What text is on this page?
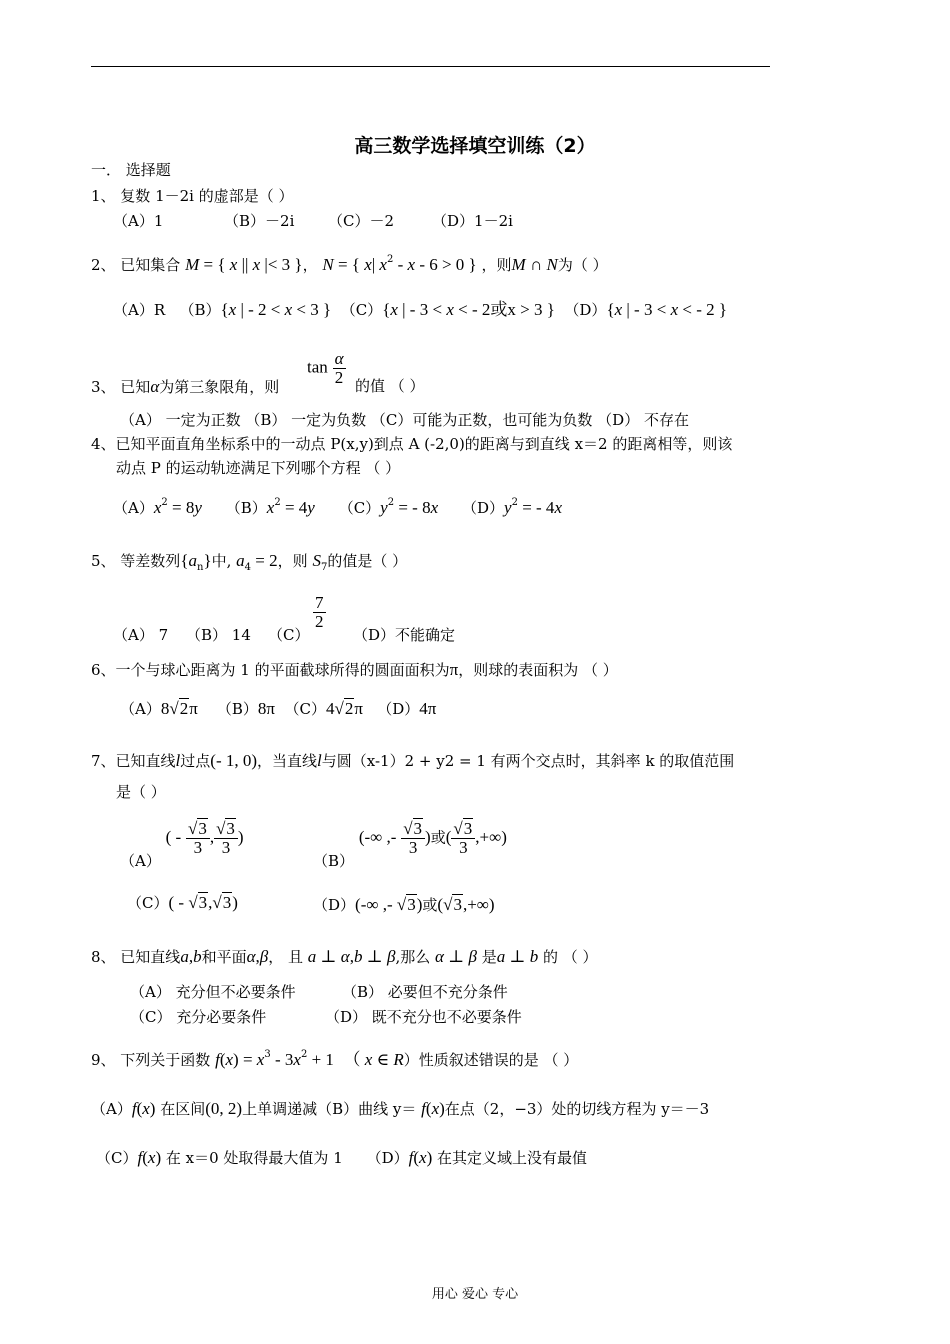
高三数学选择填空训练（2）
一． 选择题
1、 复数 1－2i 的虚部是（ ）
（A）1	（B）－2i （C）－2	（D）1－2i
2、 已知集合 M = { x || x |< 3 }， N = { x| $x^2 - x - 6 > 0$ } ，则M ∩ N为（ ）
（A）R （B）{x | - 2 < x < 3 } （C）{x | - 3 < x < - 2或x > 3 } （D）{x | - 3 < x < - 2 }
$\tan \frac{\alpha}{2}$
3、 已知α为第三象限角，则	的值 （ ）
（A） 一定为正数 （B） 一定为负数 （C）可能为正数，也可能为负数 （D） 不存在
4、已知平面直角坐标系中的一动点 P(x,y)到点 A (-2,0)的距离与到直线 x＝2 的距离相等，则该
动点 P 的运动轨迹满足下列哪个方程 （ ）
$(A)x^2 = 8y$ $(B)x^2 = 4y$ $(C)y^2$ = - 8x $(D)y^2$ = - 4x
5、 等差数列$\{a_n\}$中, $a_4 = 2$，则 $S_7$的值是（ ）
（A） 7 （B） 14 （C）
$\frac{7}{2}$
（D）不能确定
6、一个与球心距离为 1 的平面截球所得的圆面面积为π，则球的表面积为 （ ）
（A）8√2π （B）8π （C）4√2π （D）4π
7、已知直线l过点(- 1, 0)，当直线l与圆（x-1）2 + y2 = 1 有两个交点时，其斜率 k 的取值范围
是（ ）
（A） ( - $\frac{√3}{3}$ , $\frac{√3}{3}$ )
（B） (-∞ ,- $\frac{√3}{3}$ )或( $\frac{√3}{3}$ ,+∞)
（C）( - √3,√3)	（D）(-∞ ,- √3)或(√3,+∞)
8、 已知直线a,b和平面α,β， 且 a ⊥ α,b ⊥ β,那么 α ⊥ β 是a ⊥ b 的 （ ）
（A） 充分但不必要条件	（B） 必要但不充分条件
（C） 充分必要条件	（D） 既不充分也不必要条件
9、 下列关于函数 $f(x) = x^3 - 3x^2 + 1$ （ x ∈ R）性质叙述错误的是 （ ）
（A）f(x) 在区间(0, 2)上单调递减（B）曲线 y＝ f(x)在点（2，−3）处的切线方程为 y＝－3
（C）f(x) 在 x＝0 处取得最大值为 1 （D）f(x) 在其定义域上没有最值
用心 爱心 专心
